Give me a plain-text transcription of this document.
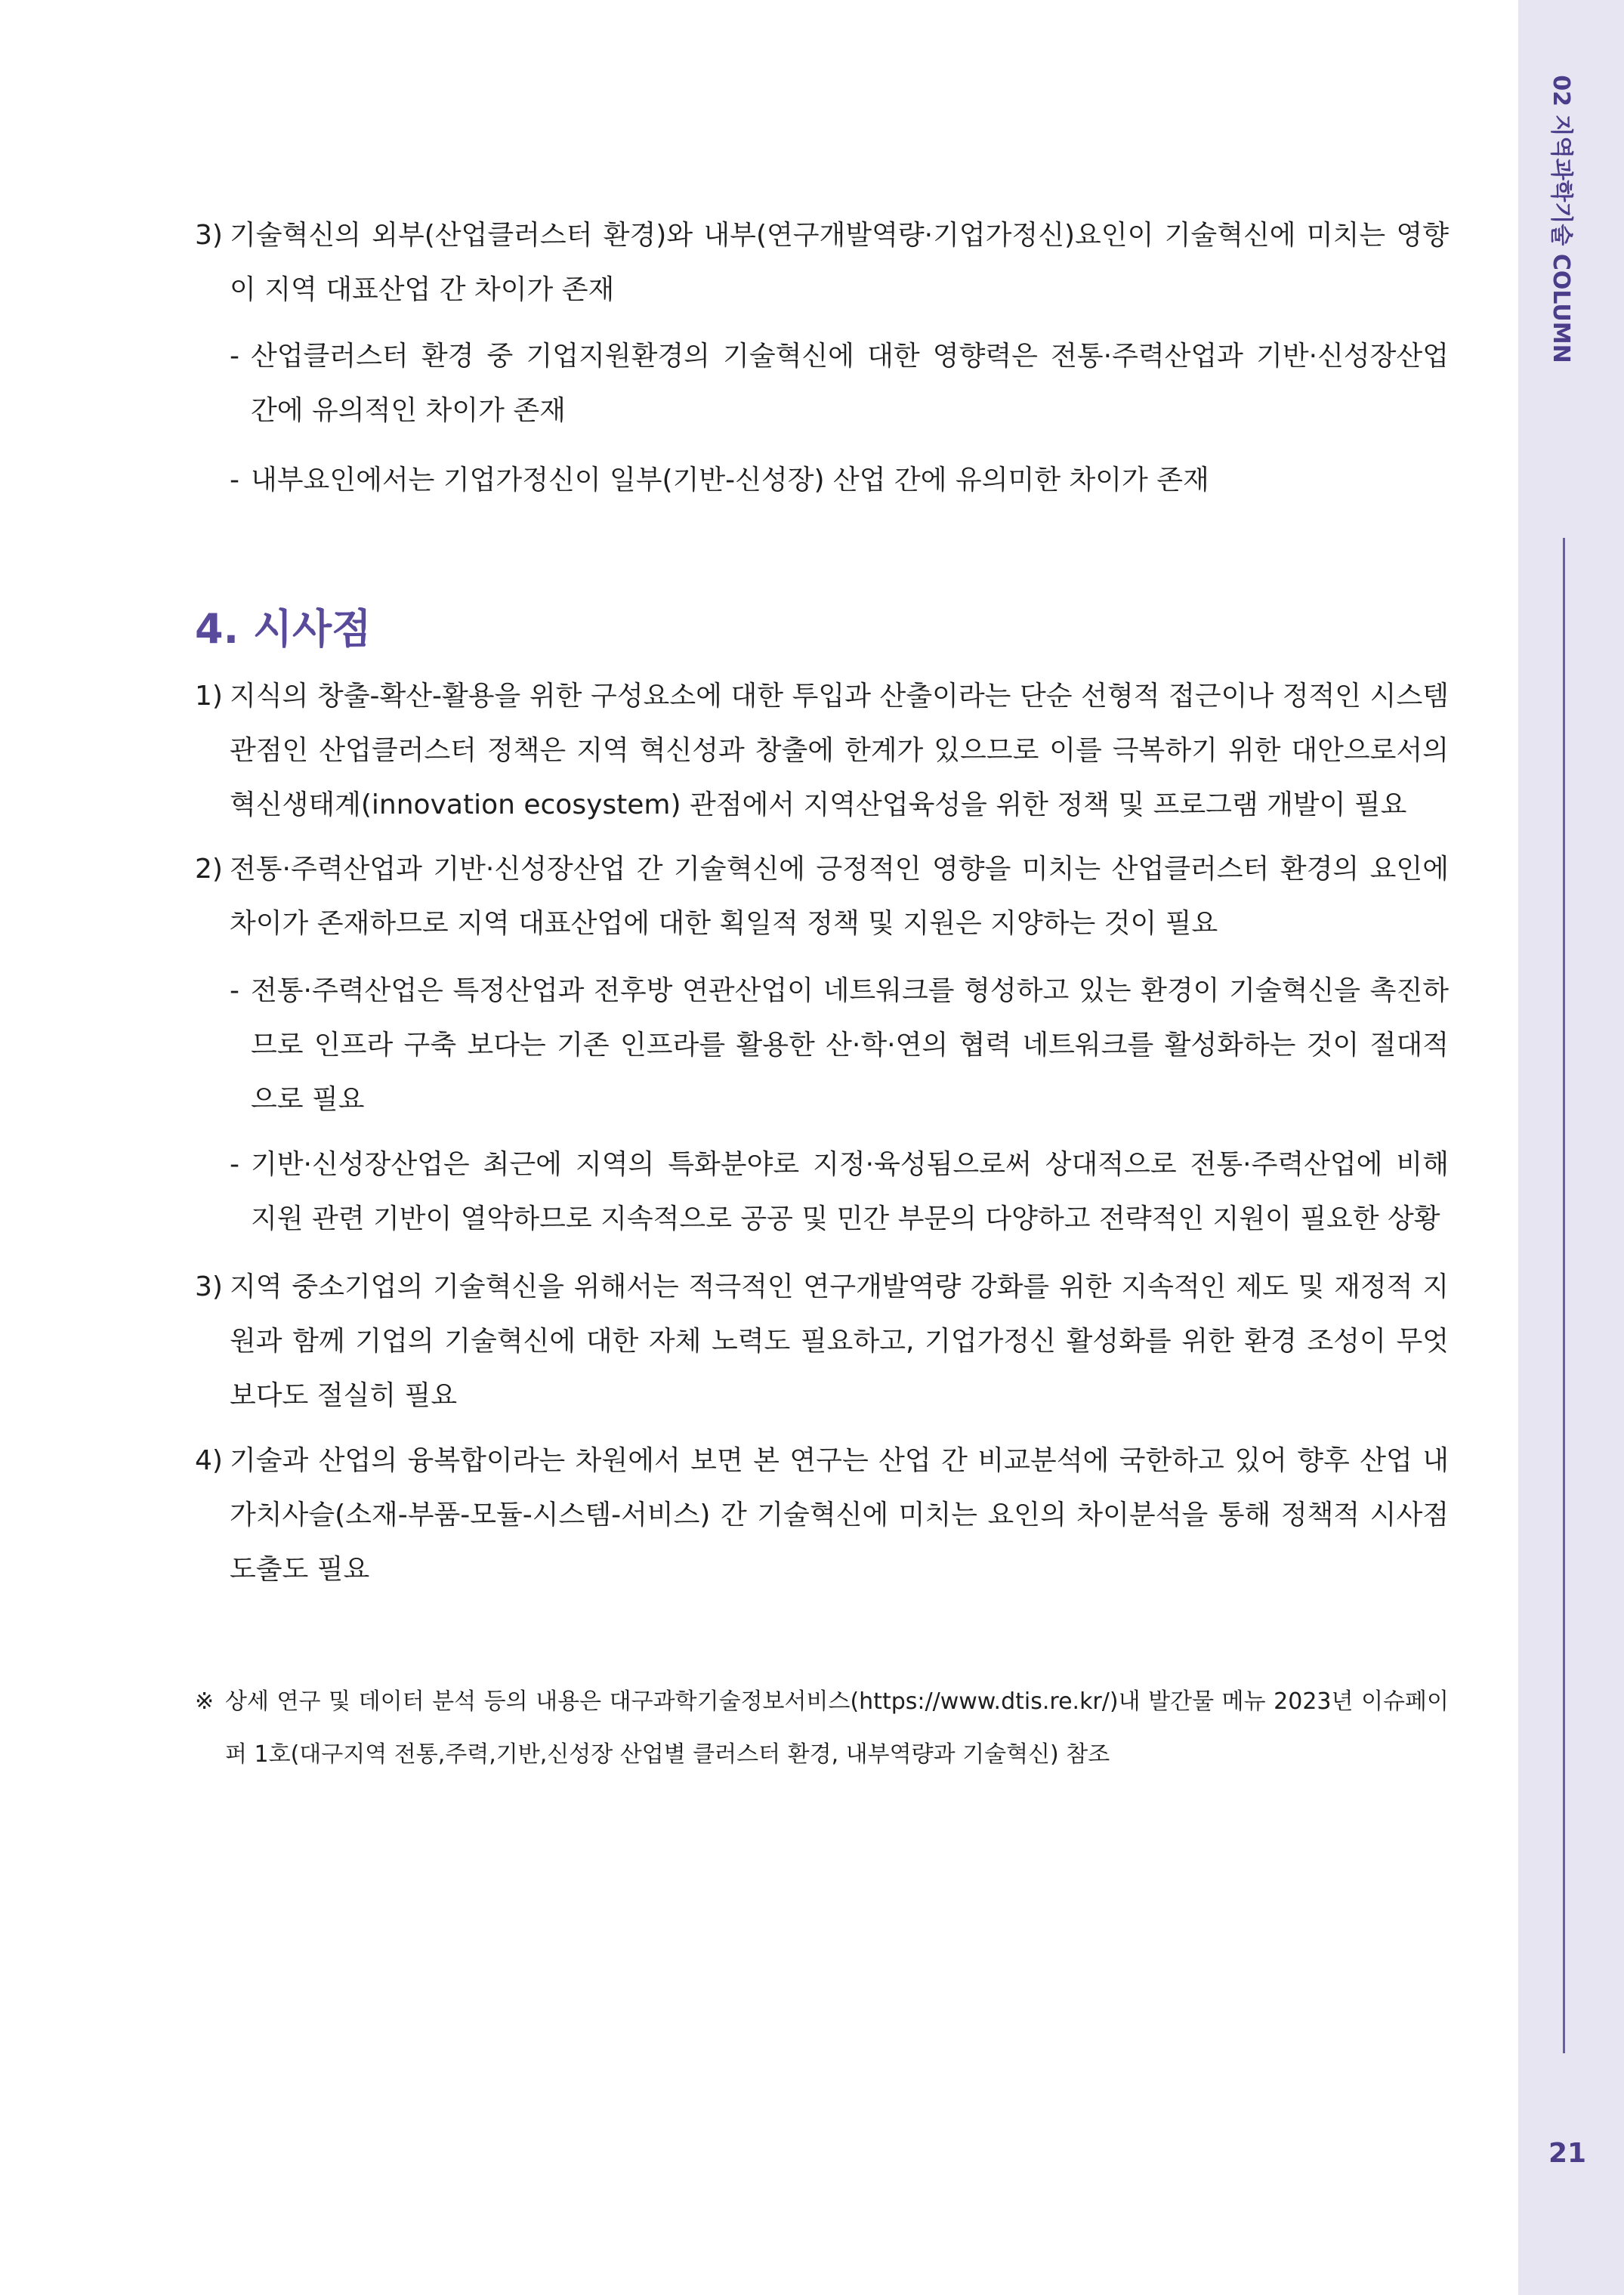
02 지역과학기술 COLUMN
21

3) 기술혁신의 외부(산업클러스터 환경)와 내부(연구개발역량·기업가정신)요인이 기술혁신에 미치는 영향이 지역 대표산업 간 차이가 존재

- 산업클러스터 환경 중 기업지원환경의 기술혁신에 대한 영향력은 전통·주력산업과 기반·신성장산업 간에 유의적인 차이가 존재

- 내부요인에서는 기업가정신이 일부(기반-신성장) 산업 간에 유의미한 차이가 존재

4. 시사점

1) 지식의 창출-확산-활용을 위한 구성요소에 대한 투입과 산출이라는 단순 선형적 접근이나 정적인 시스템 관점인 산업클러스터 정책은 지역 혁신성과 창출에 한계가 있으므로 이를 극복하기 위한 대안으로서의 혁신생태계(innovation ecosystem) 관점에서 지역산업육성을 위한 정책 및 프로그램 개발이 필요

2) 전통·주력산업과 기반·신성장산업 간 기술혁신에 긍정적인 영향을 미치는 산업클러스터 환경의 요인에 차이가 존재하므로 지역 대표산업에 대한 획일적 정책 및 지원은 지양하는 것이 필요

- 전통·주력산업은 특정산업과 전후방 연관산업이 네트워크를 형성하고 있는 환경이 기술혁신을 촉진하므로 인프라 구축 보다는 기존 인프라를 활용한 산·학·연의 협력 네트워크를 활성화하는 것이 절대적으로 필요

- 기반·신성장산업은 최근에 지역의 특화분야로 지정·육성됨으로써 상대적으로 전통·주력산업에 비해 지원 관련 기반이 열악하므로 지속적으로 공공 및 민간 부문의 다양하고 전략적인 지원이 필요한 상황

3) 지역 중소기업의 기술혁신을 위해서는 적극적인 연구개발역량 강화를 위한 지속적인 제도 및 재정적 지원과 함께 기업의 기술혁신에 대한 자체 노력도 필요하고, 기업가정신 활성화를 위한 환경 조성이 무엇보다도 절실히 필요

4) 기술과 산업의 융복합이라는 차원에서 보면 본 연구는 산업 간 비교분석에 국한하고 있어 향후 산업 내 가치사슬(소재-부품-모듈-시스템-서비스) 간 기술혁신에 미치는 요인의 차이분석을 통해 정책적 시사점 도출도 필요

※ 상세 연구 및 데이터 분석 등의 내용은 대구과학기술정보서비스(https://www.dtis.re.kr/)내 발간물 메뉴 2023년 이슈페이퍼 1호(대구지역 전통,주력,기반,신성장 산업별 클러스터 환경, 내부역량과 기술혁신) 참조
